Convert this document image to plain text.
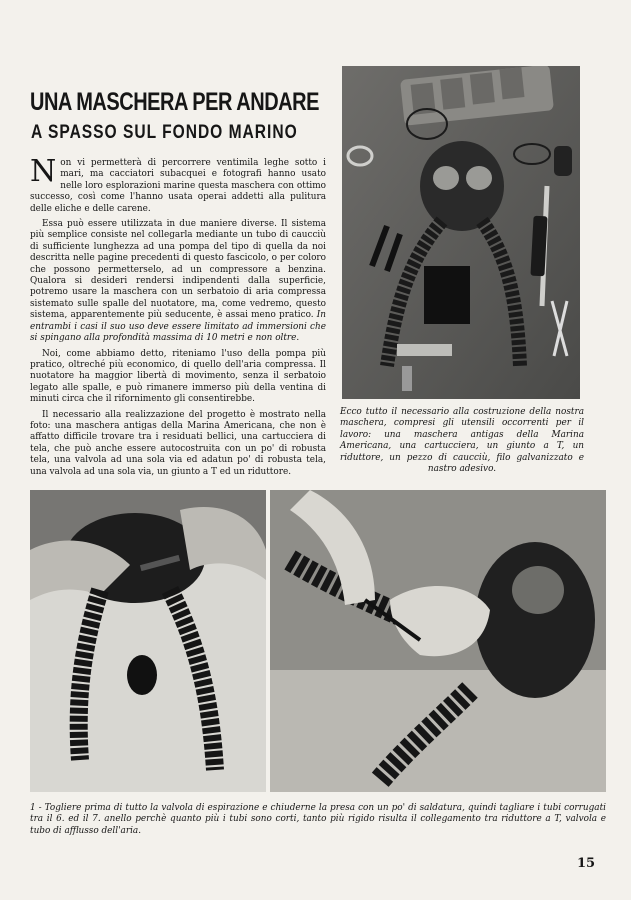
UNA MASCHERA PER ANDARE
A SPASSO SUL FONDO MARINO

Non vi permetterà di percorrere ventimila leghe sotto i mari, ma cacciatori subacquei e fotografi hanno usato nelle loro esplorazioni marine questa maschera con ottimo successo, così come l'hanno usata operai addetti alla pulitura delle eliche e delle carene.

Essa può essere utilizzata in due maniere diverse. Il sistema più semplice consiste nel collegarla mediante un tubo di caucciù di sufficiente lunghezza ad una pompa del tipo di quella da noi descritta nelle pagine precedenti di questo fascicolo, o per coloro che possono permetterselo, ad un compressore a benzina. Qualora si desideri rendersi indipendenti dalla superficie, potremo usare la maschera con un serbatoio di aria compressa sistemato sulle spalle del nuotatore, ma, come vedremo, questo sistema, apparentemente più seducente, è assai meno pratico. In entrambi i casi il suo uso deve essere limitato ad immersioni che si spingano alla profondità massima di 10 metri e non oltre.

Noi, come abbiamo detto, riteniamo l'uso della pompa più pratico, oltreché più economico, di quello dell'aria compressa. Il nuotatore ha maggior libertà di movimento, senza il serbatoio legato alle spalle, e può rimanere immerso più della ventina di minuti circa che il rifornimento gli consentirebbe.

Il necessario alla realizzazione del progetto è mostrato nella foto: una maschera antigas della Marina Americana, che non è affatto difficile trovare tra i residuati bellici, una cartucciera di tela, che può anche essere autocostruita con un po' di robusta tela, una valvola ad una sola via ed adatun po' di robusta tela, una valvola ad una sola via, un giunto a T ed un riduttore.

Ecco tutto il necessario alla costruzione della nostra maschera, compresi gli utensili occorrenti per il lavoro: una maschera antigas della Marina Americana, una cartucciera, un giunto a T, un riduttore, un pezzo di caucciù, filo galvanizzato e nastro adesivo.
1 - Togliere prima di tutto la valvola di espirazione e chiuderne la presa con un po' di saldatura, quindi tagliare i tubi corrugati tra il 6. ed il 7. anello perchè quanto più i tubi sono corti, tanto più rigido risulta il collegamento tra riduttore a T, valvola e tubo di afflusso dell'aria.
15
